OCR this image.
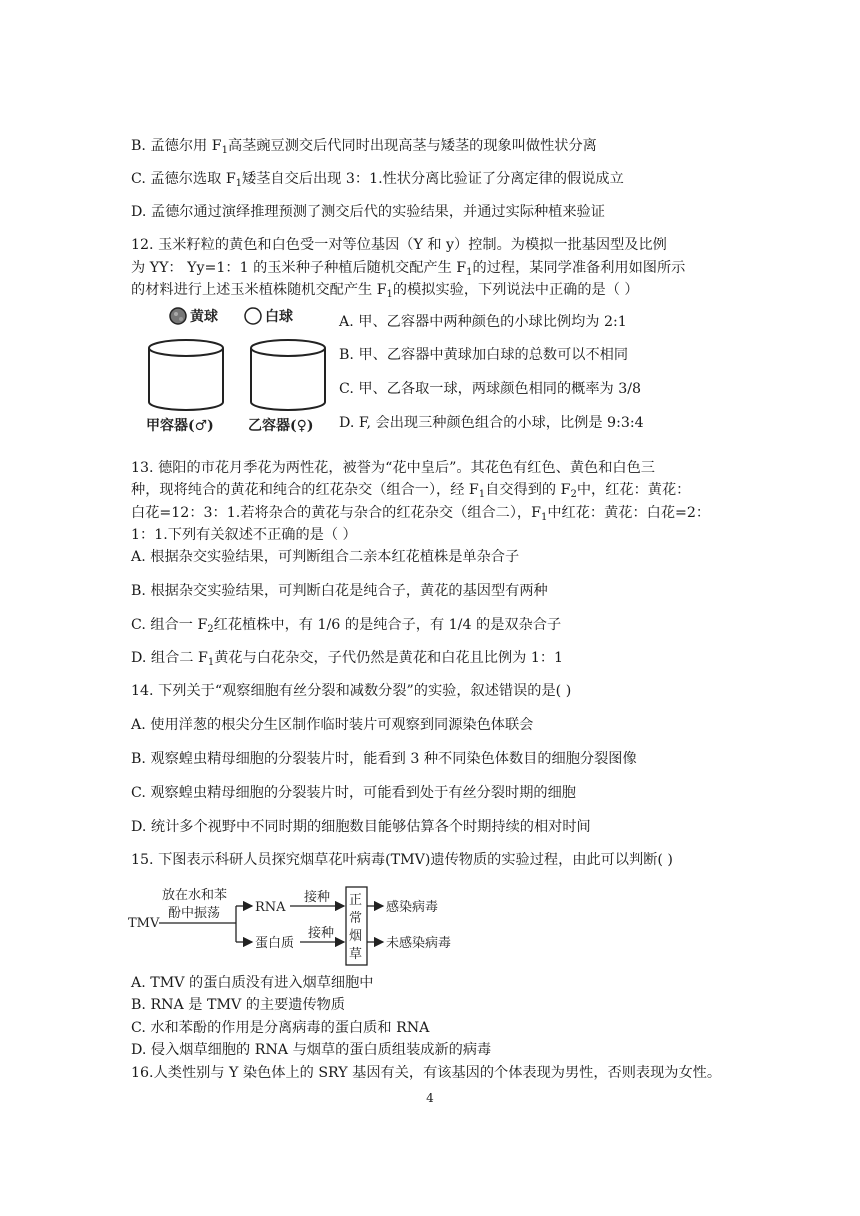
B. 孟德尔用 $F_1$高茎豌豆测交后代同时出现高茎与矮茎的现象叫做性状分离
C. 孟德尔选取 $F_1$矮茎自交后出现 3：1.性状分离比验证了分离定律的假说成立
D. 孟德尔通过演绎推理预测了测交后代的实验结果，并通过实际种植来验证
12. 玉米籽粒的黄色和白色受一对等位基因（Y 和 y）控制。为模拟一批基因型及比例
为 YY： Yy=1：1 的玉米种子种植后随机交配产生 $F_1$的过程，某同学准备利用如图所示
的材料进行上述玉米植株随机交配产生 $F_1$的模拟实验，下列说法中正确的是（ ）
黄球	白球
甲容器(♂) 乙容器(♀)
A. 甲、乙容器中两种颜色的小球比例均为 2:1
B. 甲、乙容器中黄球加白球的总数可以不相同
C. 甲、乙各取一球，两球颜色相同的概率为 3/8
D. F, 会出现三种颜色组合的小球，比例是 9:3:4
13. 德阳的市花月季花为两性花，被誉为“花中皇后”。其花色有红色、黄色和白色三
种，现将纯合的黄花和纯合的红花杂交（组合一），经 $F_1$自交得到的 $F_2$中，红花：黄花：
白花=12：3：1.若将杂合的黄花与杂合的红花杂交（组合二），$F_1$中红花：黄花：白花=2：
1：1.下列有关叙述不正确的是（ ）
A. 根据杂交实验结果，可判断组合二亲本红花植株是单杂合子
B. 根据杂交实验结果，可判断白花是纯合子，黄花的基因型有两种
C. 组合一 $F_2$红花植株中，有 1/6 的是纯合子，有 1/4 的是双杂合子
D. 组合二 $F_1$黄花与白花杂交，子代仍然是黄花和白花且比例为 1：1
14. 下列关于“观察细胞有丝分裂和减数分裂”的实验，叙述错误的是( )
A. 使用洋葱的根尖分生区制作临时装片可观察到同源染色体联会
B. 观察蝗虫精母细胞的分裂装片时，能看到 3 种不同染色体数目的细胞分裂图像
C. 观察蝗虫精母细胞的分裂装片时，可能看到处于有丝分裂时期的细胞
D. 统计多个视野中不同时期的细胞数目能够估算各个时期持续的相对时间
15. 下图表示科研人员探究烟草花叶病毒(TMV)遗传物质的实验过程，由此可以判断( )
TMV
放在水和苯
酚中振荡	RNA
蛋白质
接种
接种
正
常
烟
草
感染病毒
未感染病毒
A. TMV 的蛋白质没有进入烟草细胞中
B. RNA 是 TMV 的主要遗传物质
C. 水和苯酚的作用是分离病毒的蛋白质和 RNA
D. 侵入烟草细胞的 RNA 与烟草的蛋白质组装成新的病毒
16.人类性别与 Y 染色体上的 SRY 基因有关，有该基因的个体表现为男性，否则表现为女性。
4
